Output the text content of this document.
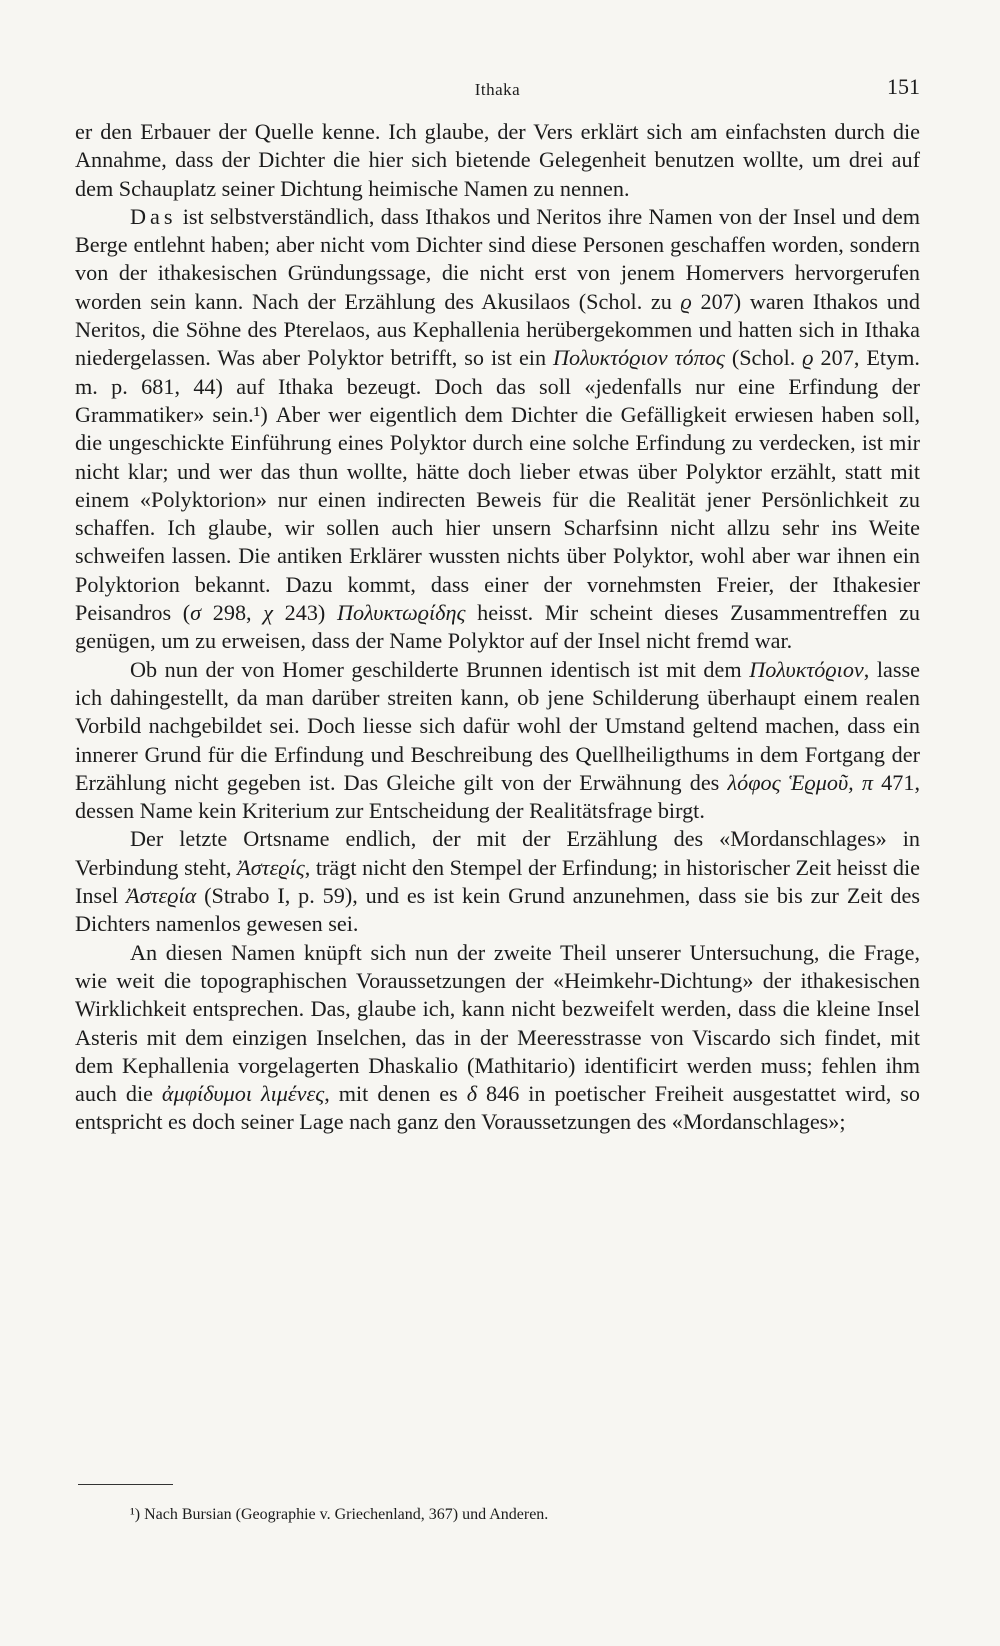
Ithaka	151

er den Erbauer der Quelle kenne. Ich glaube, der Vers erklärt sich am einfachsten durch die Annahme, dass der Dichter die hier sich bietende Gelegenheit benutzen wollte, um drei auf dem Schauplatz seiner Dichtung heimische Namen zu nennen.

Das ist selbstverständlich, dass Ithakos und Neritos ihre Namen von der Insel und dem Berge entlehnt haben; aber nicht vom Dichter sind diese Personen geschaffen worden, sondern von der ithakesischen Gründungssage, die nicht erst von jenem Homervers hervorgerufen worden sein kann. Nach der Erzählung des Akusilaos (Schol. zu ϱ 207) waren Ithakos und Neritos, die Söhne des Pterelaos, aus Kephallenia herübergekommen und hatten sich in Ithaka niedergelassen. Was aber Polyktor betrifft, so ist ein Πολυκτόϱιον τόπος (Schol. ϱ 207, Etym. m. p. 681, 44) auf Ithaka bezeugt. Doch das soll «jedenfalls nur eine Erfindung der Grammatiker» sein.¹) Aber wer eigentlich dem Dichter die Gefälligkeit erwiesen haben soll, die ungeschickte Einführung eines Polyktor durch eine solche Erfindung zu verdecken, ist mir nicht klar; und wer das thun wollte, hätte doch lieber etwas über Polyktor erzählt, statt mit einem «Polyktorion» nur einen indirecten Beweis für die Realität jener Persönlichkeit zu schaffen. Ich glaube, wir sollen auch hier unsern Scharfsinn nicht allzu sehr ins Weite schweifen lassen. Die antiken Erklärer wussten nichts über Polyktor, wohl aber war ihnen ein Polyktorion bekannt. Dazu kommt, dass einer der vornehmsten Freier, der Ithakesier Peisandros (σ 298, χ 243) Πολυκτωϱίδης heisst. Mir scheint dieses Zusammentreffen zu genügen, um zu erweisen, dass der Name Polyktor auf der Insel nicht fremd war.

Ob nun der von Homer geschilderte Brunnen identisch ist mit dem Πολυκτόϱιον, lasse ich dahingestellt, da man darüber streiten kann, ob jene Schilderung überhaupt einem realen Vorbild nachgebildet sei. Doch liesse sich dafür wohl der Umstand geltend machen, dass ein innerer Grund für die Erfindung und Beschreibung des Quellheiligthums in dem Fortgang der Erzählung nicht gegeben ist. Das Gleiche gilt von der Erwähnung des λόφος Ἑϱμοῦ, π 471, dessen Name kein Kriterium zur Entscheidung der Realitätsfrage birgt.

Der letzte Ortsname endlich, der mit der Erzählung des «Mordanschlages» in Verbindung steht, Ἀστεϱίς, trägt nicht den Stempel der Erfindung; in historischer Zeit heisst die Insel Ἀστεϱία (Strabo I, p. 59), und es ist kein Grund anzunehmen, dass sie bis zur Zeit des Dichters namenlos gewesen sei.

An diesen Namen knüpft sich nun der zweite Theil unserer Untersuchung, die Frage, wie weit die topographischen Voraussetzungen der «Heimkehr-Dichtung» der ithakesischen Wirklichkeit entsprechen. Das, glaube ich, kann nicht bezweifelt werden, dass die kleine Insel Asteris mit dem einzigen Inselchen, das in der Meeresstrasse von Viscardo sich findet, mit dem Kephallenia vorgelagerten Dhaskalio (Mathitario) identificirt werden muss; fehlen ihm auch die ἀμφίδυμοι λιμένες, mit denen es δ 846 in poetischer Freiheit ausgestattet wird, so entspricht es doch seiner Lage nach ganz den Voraussetzungen des «Mordanschlages»;

¹) Nach Bursian (Geographie v. Griechenland, 367) und Anderen.
